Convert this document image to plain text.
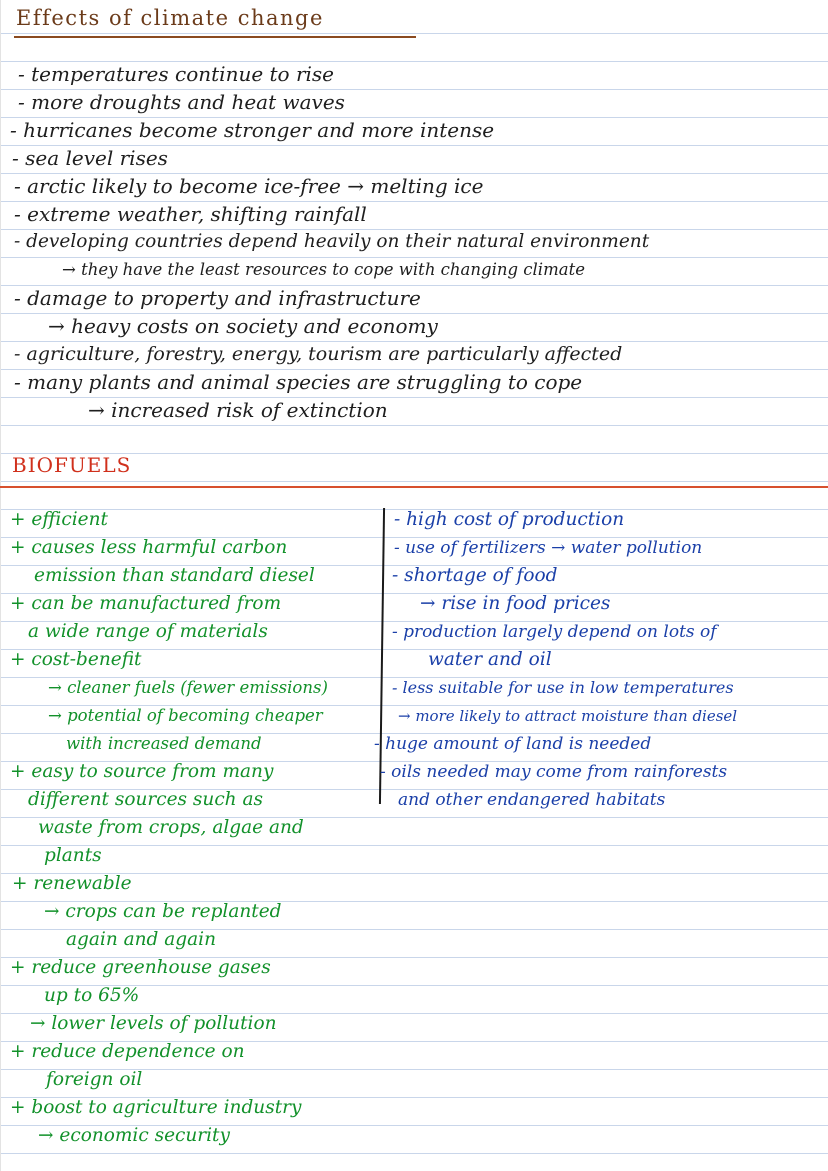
Effects of climate change
- temperatures continue to rise
- more droughts and heat waves
- hurricanes become stronger and more intense
- sea level rises
- arctic likely to become ice-free → melting ice
- extreme weather, shifting rainfall
- developing countries depend heavily on their natural environment
→ they have the least resources to cope with changing climate
- damage to property and infrastructure
→ heavy costs on society and economy
- agriculture, forestry, energy, tourism are particularly affected
- many plants and animal species are struggling to cope
→ increased risk of extinction
BIOFUELS
+ efficient
+ causes less harmful carbon
emission than standard diesel
+ can be manufactured from
a wide range of materials
+ cost-benefit
→ cleaner fuels (fewer emissions)
→ potential of becoming cheaper
with increased demand
+ easy to source from many
different sources such as
waste from crops, algae and
plants
+ renewable
→ crops can be replanted
again and again
+ reduce greenhouse gases
up to 65%
→ lower levels of pollution
+ reduce dependence on
foreign oil
+ boost to agriculture industry
→ economic security
- high cost of production
- use of fertilizers → water pollution
- shortage of food
→ rise in food prices
- production largely depend on lots of
water and oil
- less suitable for use in low temperatures
→ more likely to attract moisture than diesel
- huge amount of land is needed
- oils needed may come from rainforests
and other endangered habitats
